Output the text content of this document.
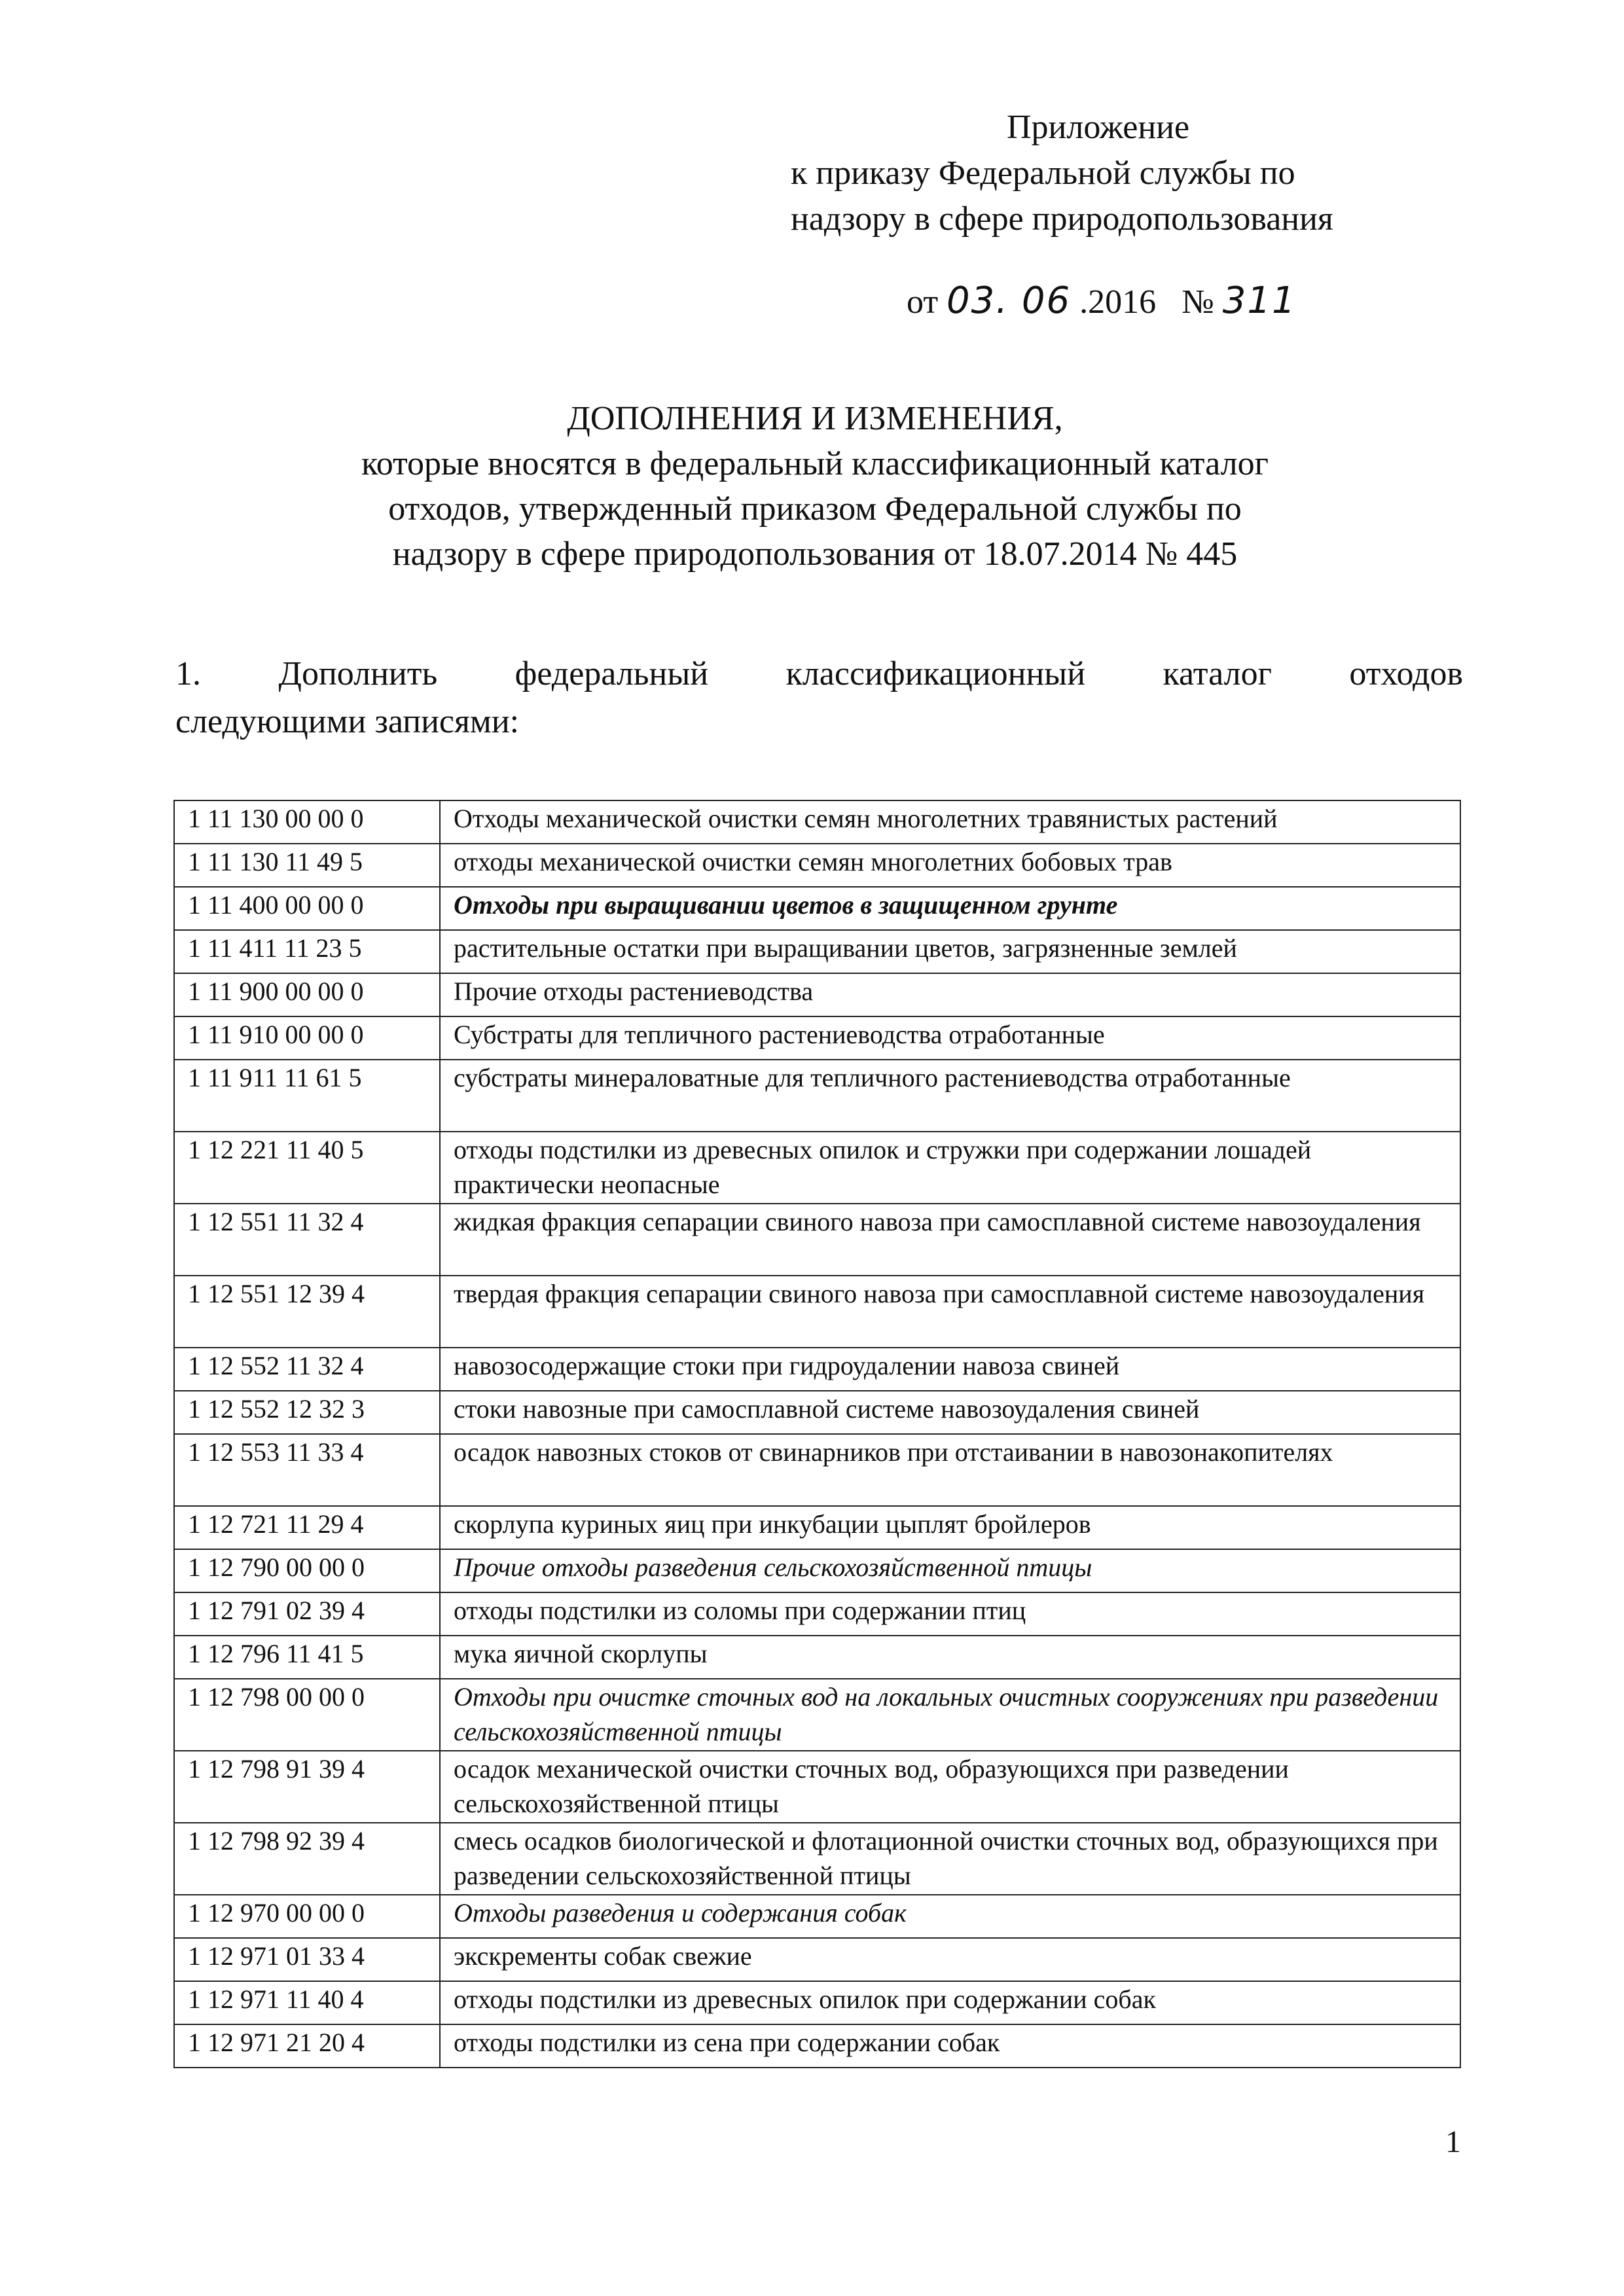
Приложение
к приказу Федеральной службы по
надзору в сфере природопользования
от 03. 06 .2016 № 311
ДОПОЛНЕНИЯ И ИЗМЕНЕНИЯ,
которые вносятся в федеральный классификационный каталог
отходов, утвержденный приказом Федеральной службы по
надзору в сфере природопользования от 18.07.2014 № 445
1. Дополнить федеральный классификационный каталог отходов
следующими записями:
1 11 130 00 00 0	Отходы механической очистки семян многолетних травянистых растений
1 11 130 11 49 5	отходы механической очистки семян многолетних бобовых трав
1 11 400 00 00 0	Отходы при выращивании цветов в защищенном грунте
1 11 411 11 23 5	растительные остатки при выращивании цветов, загрязненные землей
1 11 900 00 00 0	Прочие отходы растениеводства
1 11 910 00 00 0	Субстраты для тепличного растениеводства отработанные
1 11 911 11 61 5	субстраты минераловатные для тепличного растениеводства отработанные
1 12 221 11 40 5	отходы подстилки из древесных опилок и стружки при содержании лошадей практически неопасные
1 12 551 11 32 4	жидкая фракция сепарации свиного навоза при самосплавной системе навозоудаления
1 12 551 12 39 4	твердая фракция сепарации свиного навоза при самосплавной системе навозоудаления
1 12 552 11 32 4	навозосодержащие стоки при гидроудалении навоза свиней
1 12 552 12 32 3	стоки навозные при самосплавной системе навозоудаления свиней
1 12 553 11 33 4	осадок навозных стоков от свинарников при отстаивании в навозонакопителях
1 12 721 11 29 4	скорлупа куриных яиц при инкубации цыплят бройлеров
1 12 790 00 00 0	Прочие отходы разведения сельскохозяйственной птицы
1 12 791 02 39 4	отходы подстилки из соломы при содержании птиц
1 12 796 11 41 5	мука яичной скорлупы
1 12 798 00 00 0	Отходы при очистке сточных вод на локальных очистных сооружениях при разведении сельскохозяйственной птицы
1 12 798 91 39 4	осадок механической очистки сточных вод, образующихся при разведении сельскохозяйственной птицы
1 12 798 92 39 4	смесь осадков биологической и флотационной очистки сточных вод, образующихся при разведении сельскохозяйственной птицы
1 12 970 00 00 0	Отходы разведения и содержания собак
1 12 971 01 33 4	экскременты собак свежие
1 12 971 11 40 4	отходы подстилки из древесных опилок при содержании собак
1 12 971 21 20 4	отходы подстилки из сена при содержании собак
1
